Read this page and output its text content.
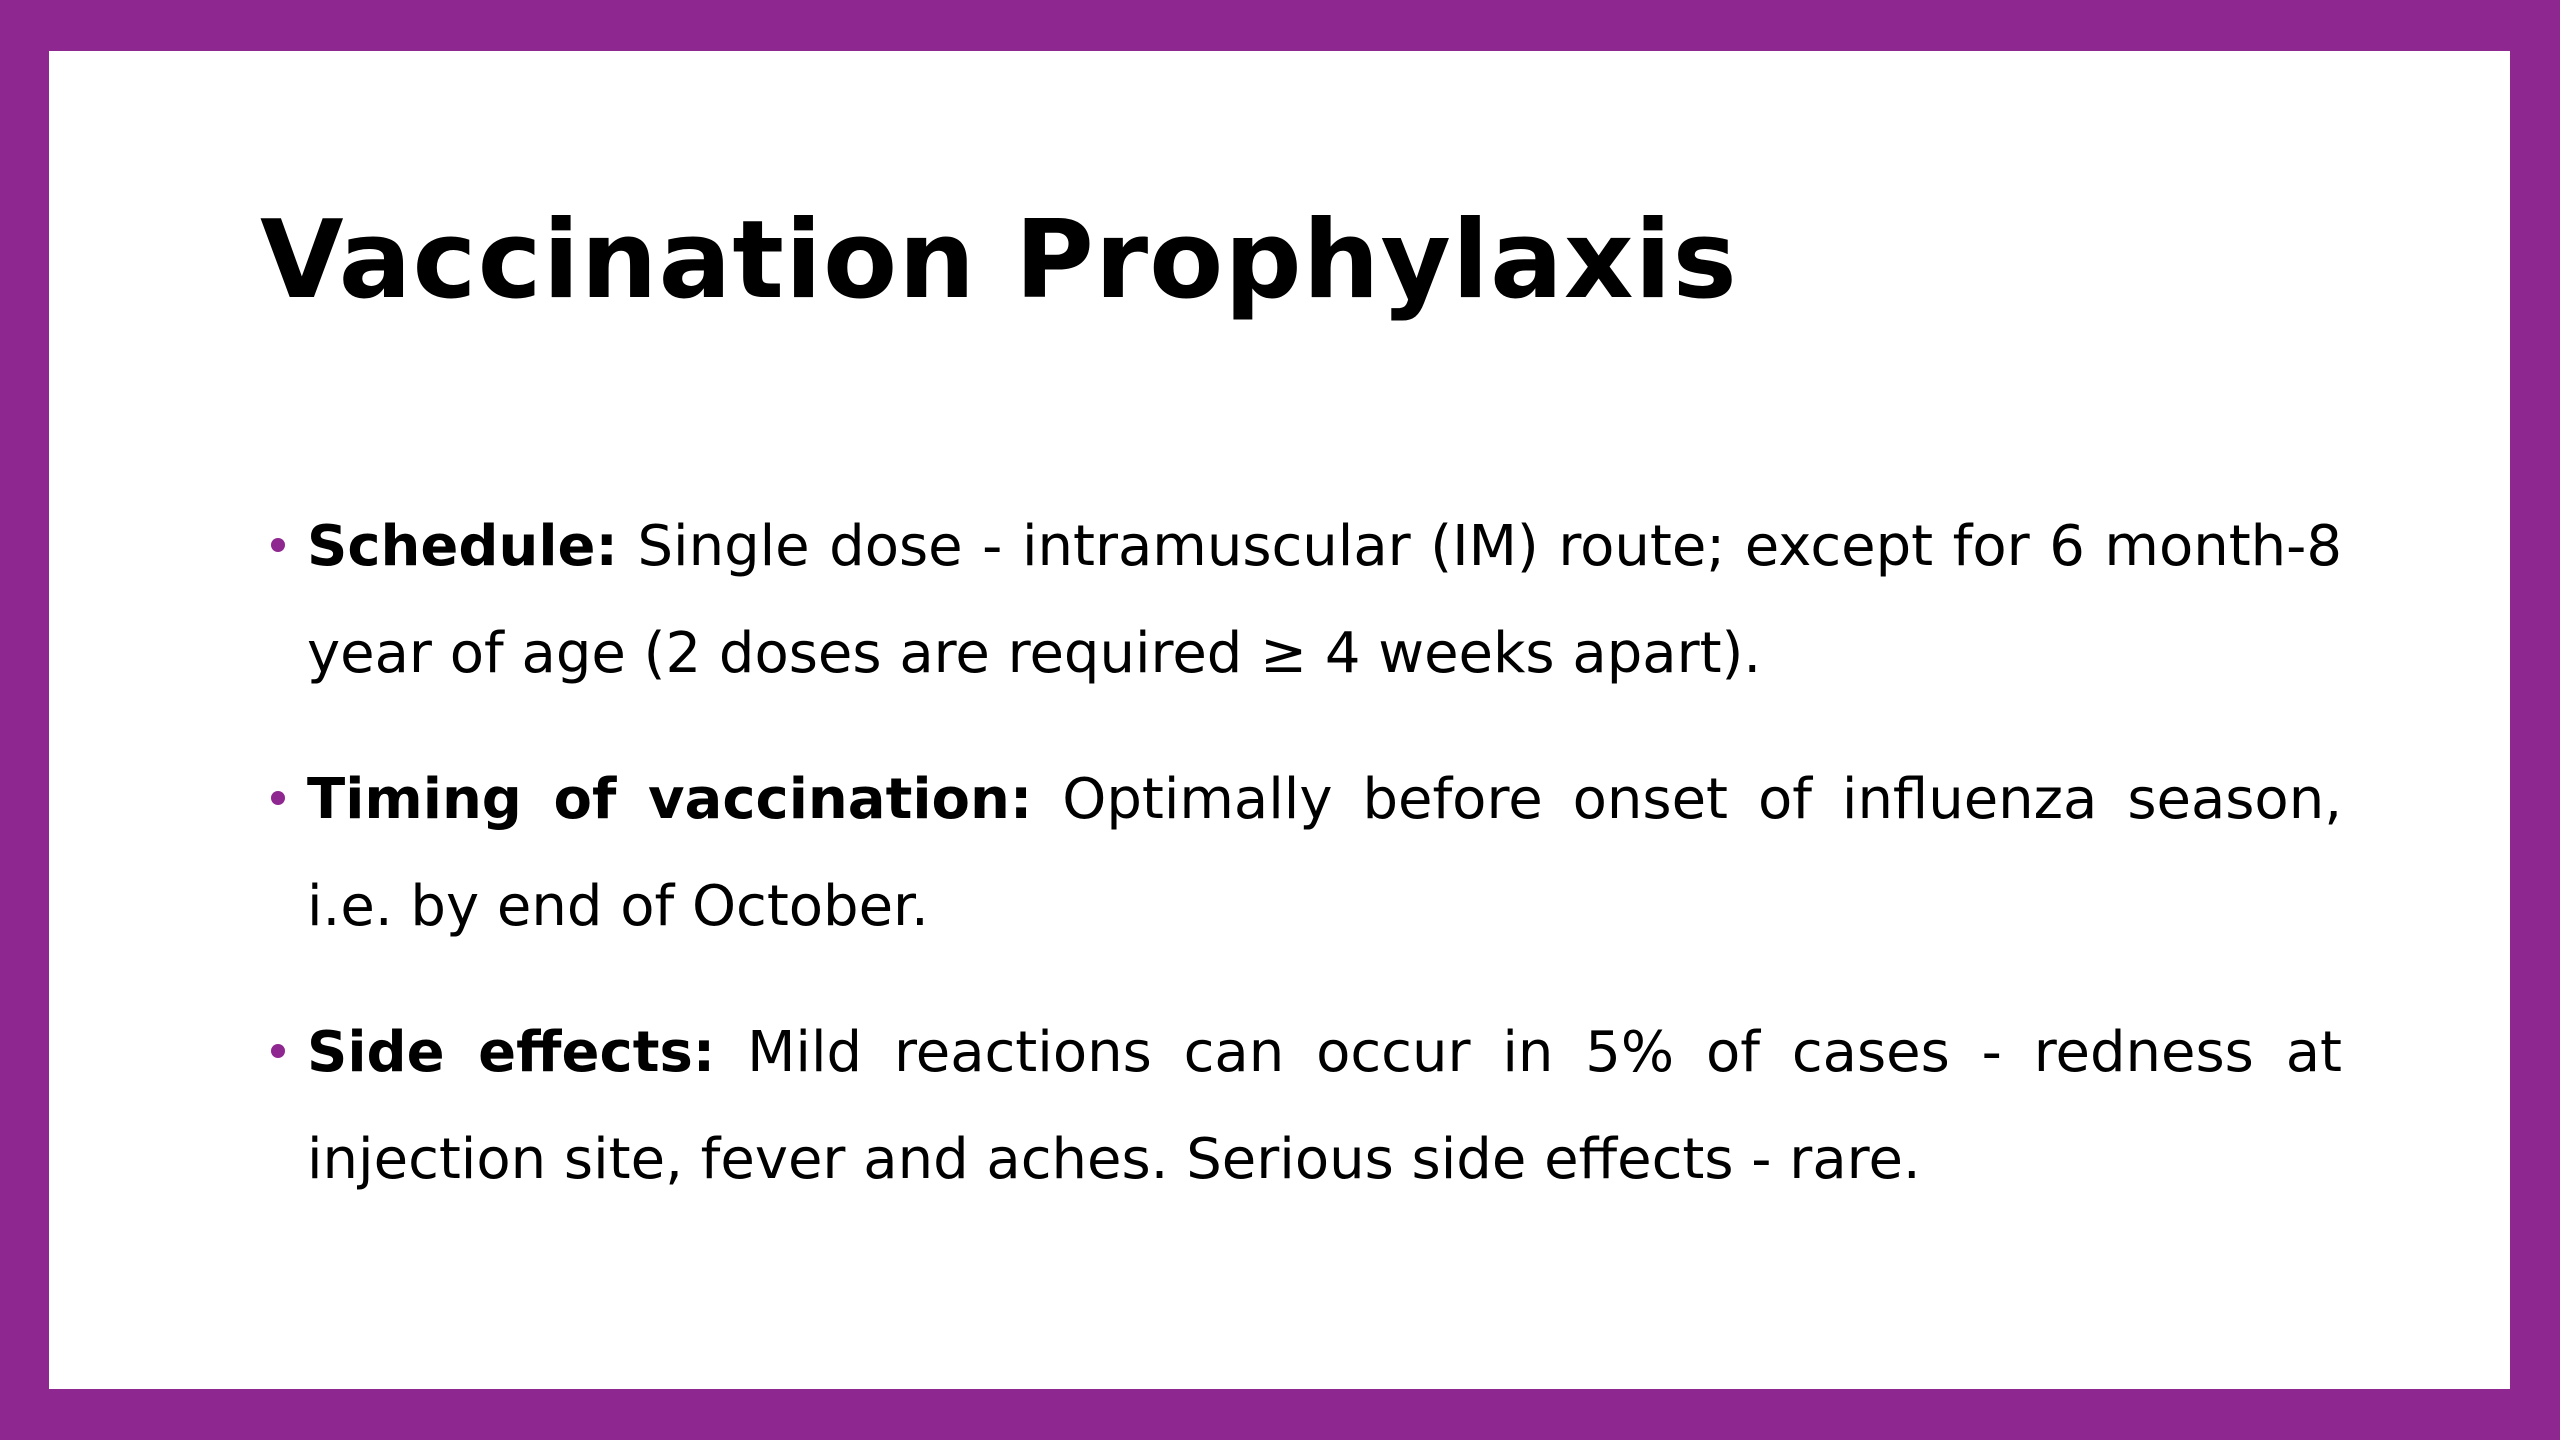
Vaccination Prophylaxis
Schedule: Single dose - intramuscular (IM) route; except for 6 month-8 year of age (2 doses are required ≥ 4 weeks apart).
Timing of vaccination: Optimally before onset of influenza season, i.e. by end of October.
Side effects: Mild reactions can occur in 5% of cases - redness at injection site, fever and aches. Serious side effects - rare.
